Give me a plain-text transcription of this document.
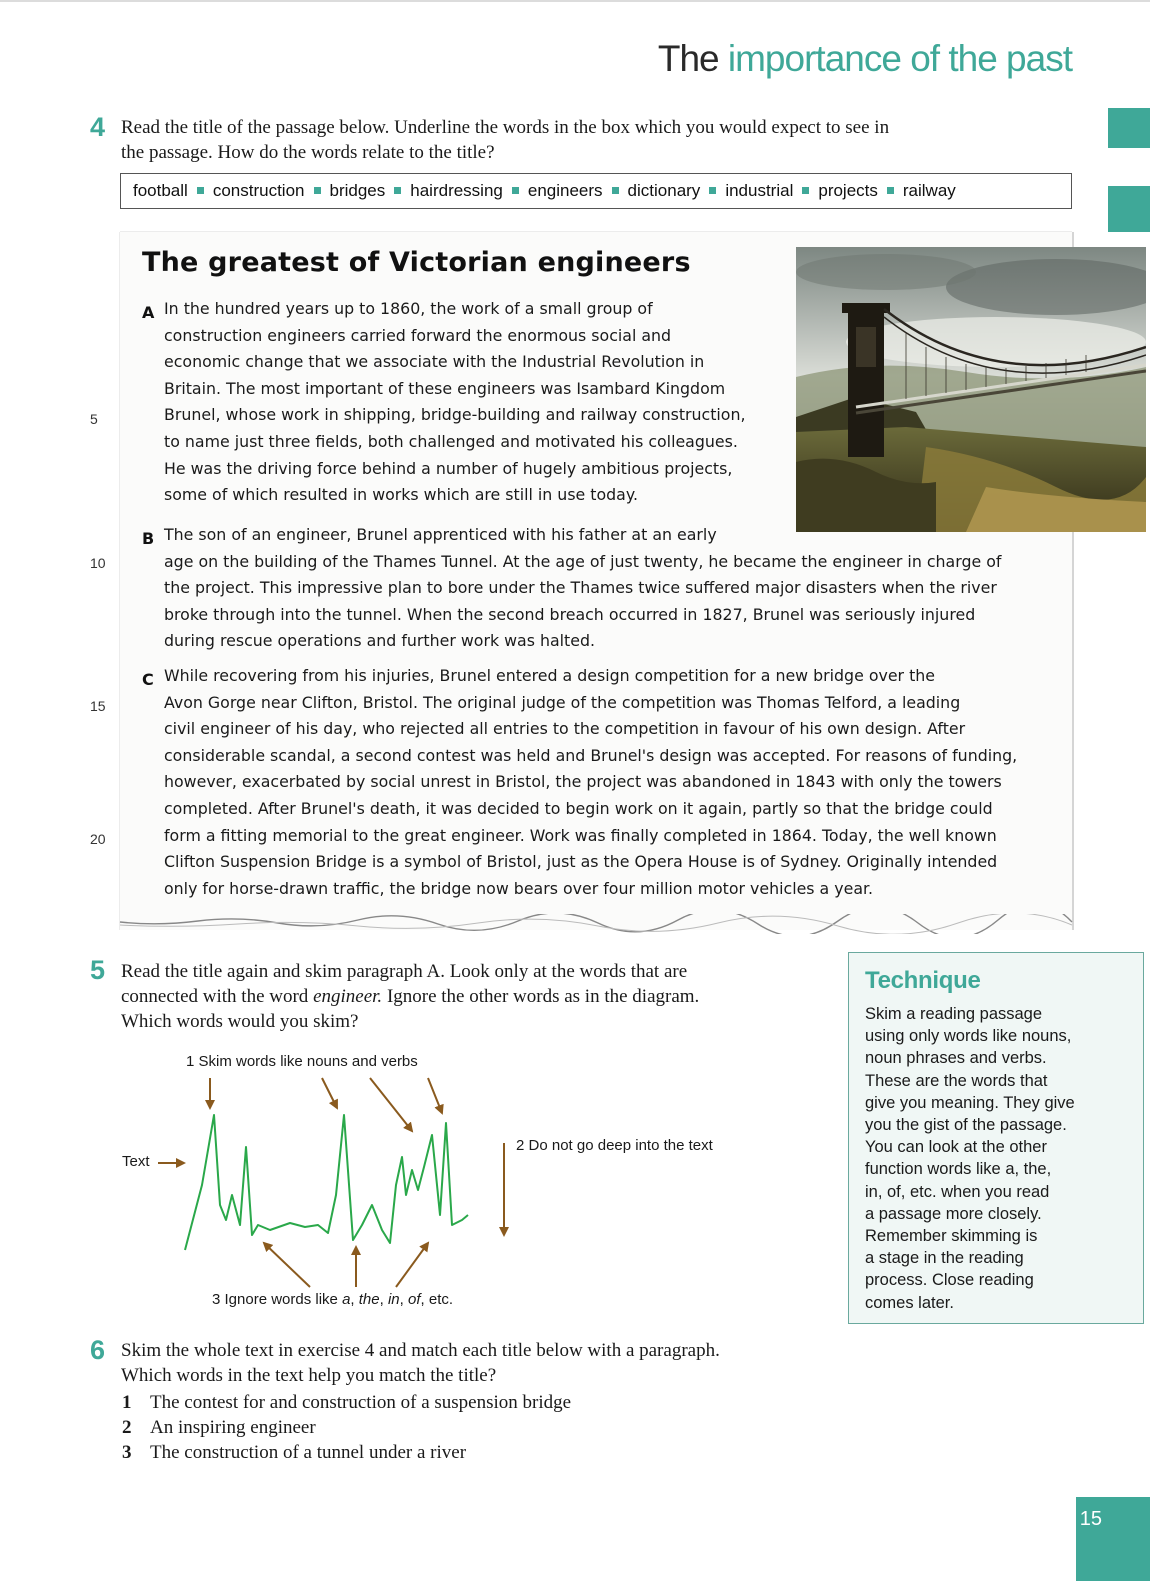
The importance of the past
4 Read the title of the passage below. Underline the words in the box which you would expect to see in
the passage. How do the words relate to the title?
football construction bridges hairdressing engineers dictionary industrial projects railway
The greatest of Victorian engineers
A In the hundred years up to 1860, the work of a small group of
construction engineers carried forward the enormous social and
economic change that we associate with the Industrial Revolution in
Britain. The most important of these engineers was Isambard Kingdom
Brunel, whose work in shipping, bridge-building and railway construction,
to name just three fields, both challenged and motivated his colleagues.
He was the driving force behind a number of hugely ambitious projects,
some of which resulted in works which are still in use today.
B The son of an engineer, Brunel apprenticed with his father at an early
age on the building of the Thames Tunnel. At the age of just twenty, he became the engineer in charge of
the project. This impressive plan to bore under the Thames twice suffered major disasters when the river
broke through into the tunnel. When the second breach occurred in 1827, Brunel was seriously injured
during rescue operations and further work was halted.
C While recovering from his injuries, Brunel entered a design competition for a new bridge over the
Avon Gorge near Clifton, Bristol. The original judge of the competition was Thomas Telford, a leading
civil engineer of his day, who rejected all entries to the competition in favour of his own design. After
considerable scandal, a second contest was held and Brunel's design was accepted. For reasons of funding,
however, exacerbated by social unrest in Bristol, the project was abandoned in 1843 with only the towers
completed. After Brunel's death, it was decided to begin work on it again, partly so that the bridge could
form a fitting memorial to the great engineer. Work was finally completed in 1864. Today, the well known
Clifton Suspension Bridge is a symbol of Bristol, just as the Opera House is of Sydney. Originally intended
only for horse-drawn traffic, the bridge now bears over four million motor vehicles a year.
5
10
15
20
5 Read the title again and skim paragraph A. Look only at the words that are
connected with the word engineer. Ignore the other words as in the diagram.
Which words would you skim?
1 Skim words like nouns and verbs
2 Do not go deep into the text
Text
3 Ignore words like a, the, in, of, etc.
Technique
Skim a reading passage
using only words like nouns,
noun phrases and verbs.
These are the words that
give you meaning. They give
you the gist of the passage.
You can look at the other
function words like a, the,
in, of, etc. when you read
a passage more closely.
Remember skimming is
a stage in the reading
process. Close reading
comes later.
6 Skim the whole text in exercise 4 and match each title below with a paragraph.
Which words in the text help you match the title?
1 The contest for and construction of a suspension bridge
2 An inspiring engineer
3 The construction of a tunnel under a river
15
